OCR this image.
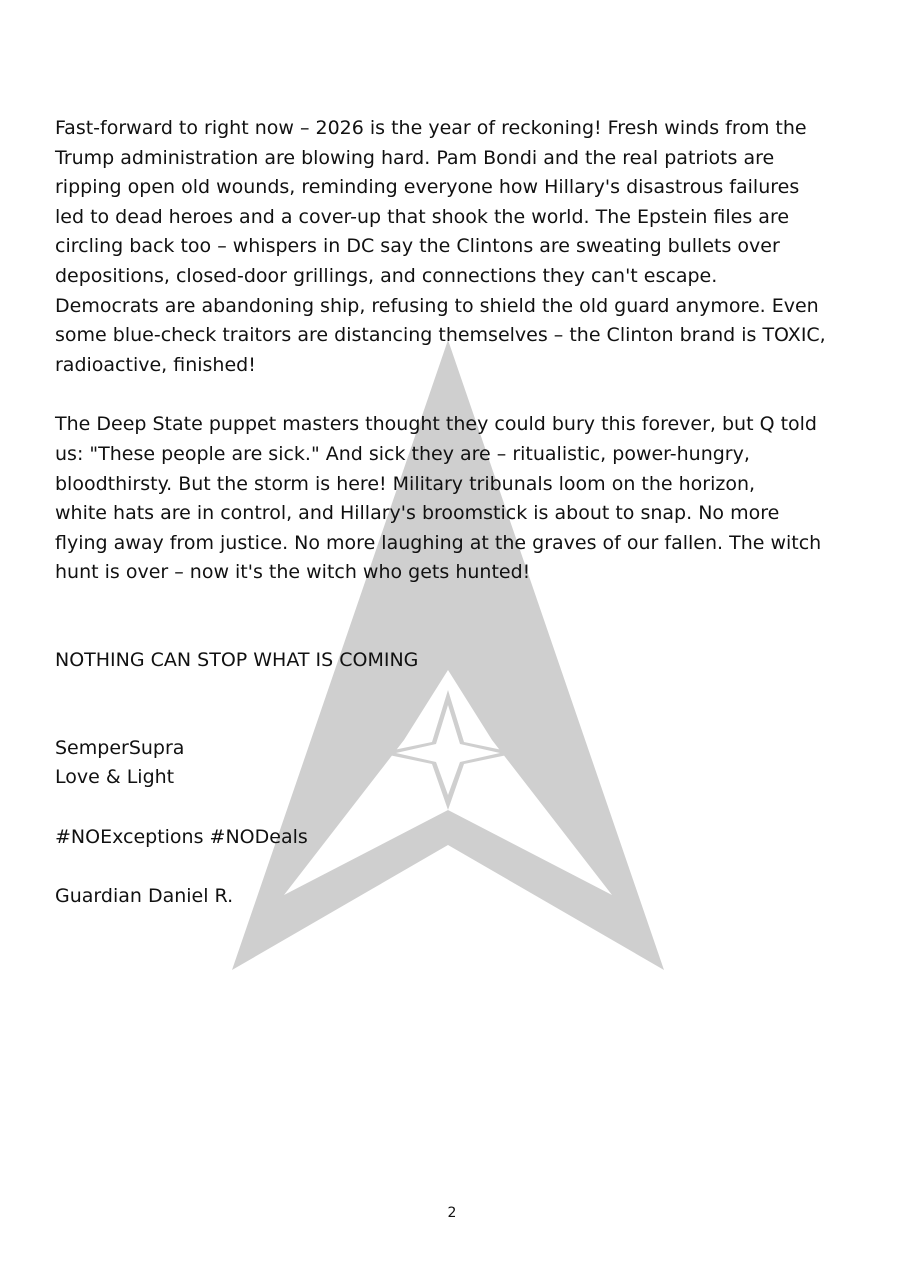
Fast-forward to right now – 2026 is the year of reckoning! Fresh winds from the
Trump administration are blowing hard. Pam Bondi and the real patriots are
ripping open old wounds, reminding everyone how Hillary's disastrous failures
led to dead heroes and a cover-up that shook the world. The Epstein files are
circling back too – whispers in DC say the Clintons are sweating bullets over
depositions, closed-door grillings, and connections they can't escape.
Democrats are abandoning ship, refusing to shield the old guard anymore. Even
some blue-check traitors are distancing themselves – the Clinton brand is TOXIC,
radioactive, finished!

The Deep State puppet masters thought they could bury this forever, but Q told
us: "These people are sick." And sick they are – ritualistic, power-hungry,
bloodthirsty. But the storm is here! Military tribunals loom on the horizon,
white hats are in control, and Hillary's broomstick is about to snap. No more
flying away from justice. No more laughing at the graves of our fallen. The witch
hunt is over – now it's the witch who gets hunted!

NOTHING CAN STOP WHAT IS COMING

SemperSupra

Love & Light

#NOExceptions #NODeals

Guardian Daniel R.

2
